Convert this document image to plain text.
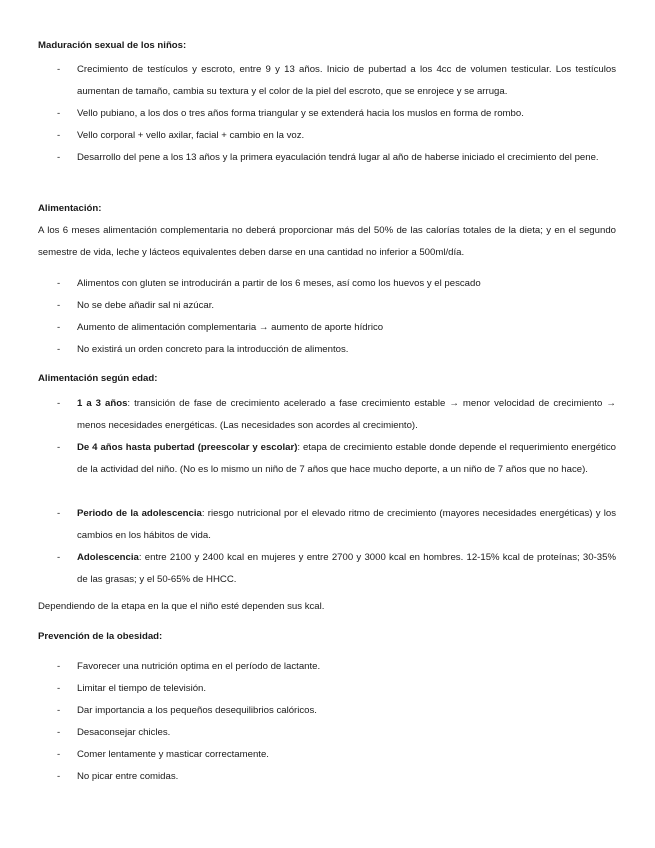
Maduración sexual de los niños:
-	Crecimiento de testículos y escroto, entre 9 y 13 años. Inicio de pubertad a los 4cc de volumen testicular. Los testículos aumentan de tamaño, cambia su textura y el color de la piel del escroto, que se enrojece y se arruga.
-	Vello pubiano, a los dos o tres años forma triangular y se extenderá hacia los muslos en forma de rombo.
-	Vello corporal + vello axilar, facial + cambio en la voz.
-	Desarrollo del pene a los 13 años y la primera eyaculación tendrá lugar al año de haberse iniciado el crecimiento del pene.
Alimentación:
A los 6 meses alimentación complementaria no deberá proporcionar más del 50% de las calorías totales de la dieta; y en el segundo semestre de vida, leche y lácteos equivalentes deben darse en una cantidad no inferior a 500ml/día.
-	Alimentos con gluten se introducirán a partir de los 6 meses, así como los huevos y el pescado
-	No se debe añadir sal ni azúcar.
-	Aumento de alimentación complementaria → aumento de aporte hídrico
-	No existirá un orden concreto para la introducción de alimentos.
Alimentación según edad:
-	1 a 3 años: transición de fase de crecimiento acelerado a fase crecimiento estable → menor velocidad de crecimiento → menos necesidades energéticas. (Las necesidades son acordes al crecimiento).
-	De 4 años hasta pubertad (preescolar y escolar): etapa de crecimiento estable donde depende el requerimiento energético de la actividad del niño. (No es lo mismo un niño de 7 años que hace mucho deporte, a un niño de 7 años que no hace).
-	Periodo de la adolescencia: riesgo nutricional por el elevado ritmo de crecimiento (mayores necesidades energéticas) y los cambios en los hábitos de vida.
-	Adolescencia: entre 2100 y 2400 kcal en mujeres y entre 2700 y 3000 kcal en hombres. 12-15% kcal de proteínas; 30-35% de las grasas; y el 50-65% de HHCC.
Dependiendo de la etapa en la que el niño esté dependen sus kcal.
Prevención de la obesidad:
-	Favorecer una nutrición optima en el período de lactante.
-	Limitar el tiempo de televisión.
-	Dar importancia a los pequeños desequilibrios calóricos.
-	Desaconsejar chicles.
-	Comer lentamente y masticar correctamente.
-	No picar entre comidas.
